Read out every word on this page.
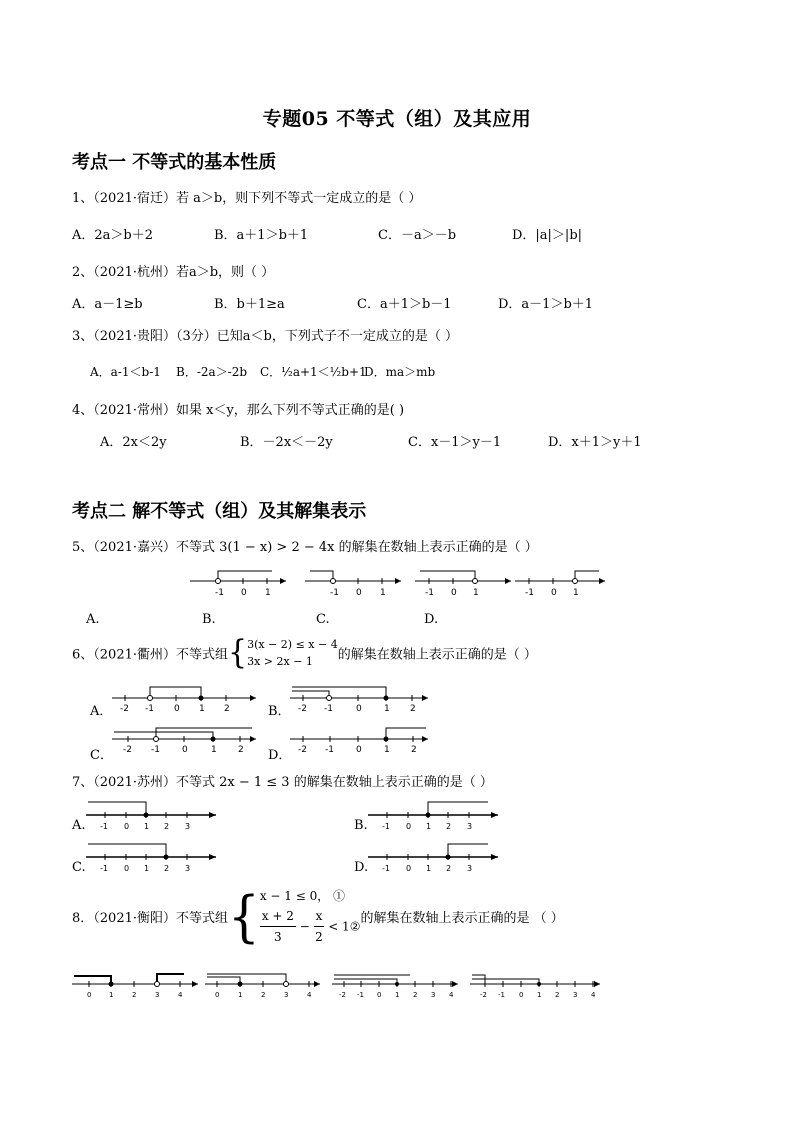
专题05 不等式（组）及其应用
考点一 不等式的基本性质
1、（2021·宿迁）若 a＞b，则下列不等式一定成立的是（ ）
A．2a＞b＋2	B．a＋1＞b＋1	C．－a＞－b	D．|a|＞|b|
2、（2021·杭州）若a＞b，则（ ）
A．a－1≥b	B．b＋1≥a	C．a＋1＞b－1	D．a－1＞b＋1
3、（2021·贵阳）（3分）已知a＜b，下列式子不一定成立的是（ ）
A．a-1＜b-1 B．-2a＞-2b C．½a+1＜½b+1
D．ma＞mb
4、（2021·常州）如果 x＜y，那么下列不等式正确的是( )
A．2x＜2y	B．－2x＜－2y	C．x－1＞y－1	D．x＋1＞y＋1
考点二 解不等式（组）及其解集表示
5、（2021·嘉兴）不等式 3(1 − x) > 2 − 4x 的解集在数轴上表示正确的是（ ）
-1 0 1	-1 0 1	-1 0 1	-1 0 1
A.	B.	C.	D.
6、（2021·衢州）不等式组{ 3(x − 2) ≤ x − 4
3x > 2x − 1	的解集在数轴上表示正确的是（ ）
A． -2 -1 0 1 2	B． -2 -1	0 1 2
C． -2 -1 0	1 2 D． -2 -1 0 1 2
7、（2021·苏州）不等式 2x − 1 ≤ 3 的解集在数轴上表示正确的是（ ）
A. -1 0 1 2 3	B. -1 0 1 2 3
C. -1 0 1 2 3	D. -1 0 1 2 3
8．（2021·衡阳）不等式组{ x − 1 ≤ 0， ①
$\frac{x + 2}{3} - \frac{x}{2}$ < 1②
的解集在数轴上表示正确的是 （ ）
0	1	2	3	4	0	1	2	3	4	-2 -1 0 1 2 3 4	-2 -1 0 1 2 3 4
